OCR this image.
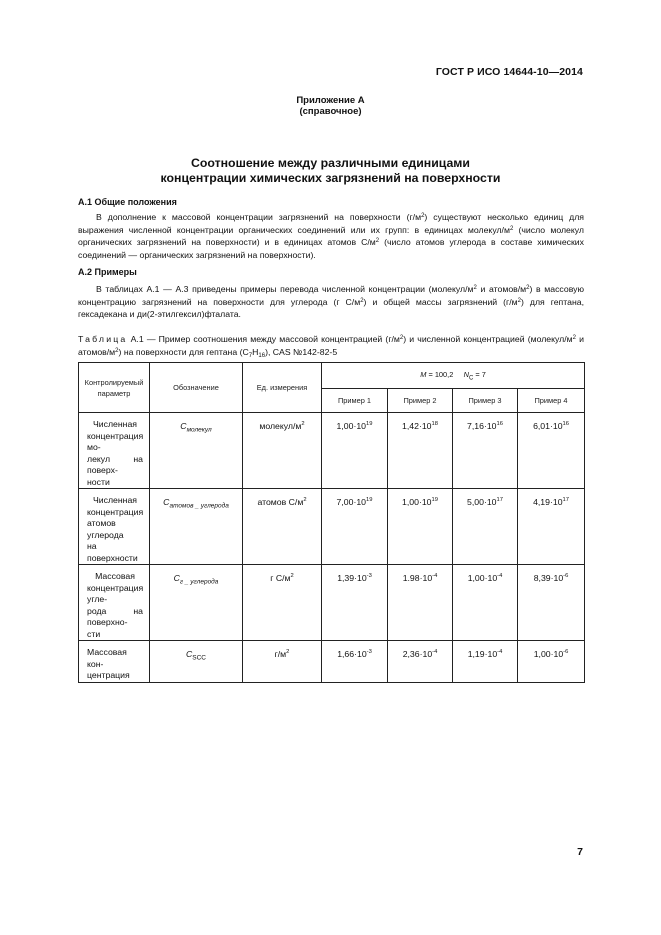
ГОСТ Р ИСО 14644-10—2014
Приложение А
(справочное)
Соотношение между различными единицами
концентрации химических загрязнений на поверхности
А.1 Общие положения
В дополнение к массовой концентрации загрязнений на поверхности $(г/м^2)$ существуют несколько единиц для выражения численной концентрации органических соединений или их групп: в единицах молекул/$м^2$ (число молекул органических загрязнений на поверхности) и в единицах атомов $С/м^2$ (число атомов углерода в составе химических соединений — органических загрязнений на поверхности).
А.2 Примеры
В таблицах А.1 — А.3 приведены примеры перевода численной концентрации ($молекул/м^2$ и атомов/$м^2$) в массовую концентрацию загрязнений на поверхности для углерода (г $С/м^2$) и общей массы загрязнений $(г/м^2)$ для гептана, гексадекана и ди(2-этилгексил)фталата.
Таблица А.1 — Пример соотношения между массовой концентрацией $(г/м^2)$ и численной концентрацией ($молекул/м^2$ и атомов/$м^2$) на поверхности для гептана $(C_7H_{16})$, CAS №142-82-5
Контролируемый параметр	Обозначение	Ед. измерения	M = 100,2 $N_C = 7$			
			Пример 1	Пример 2	Пример 3	Пример 4

Численная
концентрация мо-
лекул на поверх-
ности	$C_{молекул}$	молекул/$м^2$	$1,00\cdot 10^{19}$	$1,42\cdot 10^{18}$	$7,16\cdot 10^{16}$	$6,01\cdot 10^{16}$

Численная
концентрация
атомов углерода
на поверхности	$C_{атомов \_ углерода}$	атомов $С/м^2$	$7,00\cdot 10^{19}$	$1,00\cdot 10^{19}$	$5,00\cdot 10^{17}$	$4,19\cdot 10^{17}$

Массовая
концентрация угле-
рода на поверхно-
сти	$C_{г \_ углерода}$	г $С/м^2$	$1,39\cdot 10^{-3}$	$1.98\cdot 10^{-4}$	$1,00\cdot 10^{-4}$	$8,39\cdot 10^{-6}$
Массовая кон-
центрация	$C_{SCC}$	$г/м^2$	$1,66\cdot 10^{-3}$	$2,36\cdot 10^{-4}$	$1,19\cdot 10^{-4}$	$1,00\cdot 10^{-6}$
7
